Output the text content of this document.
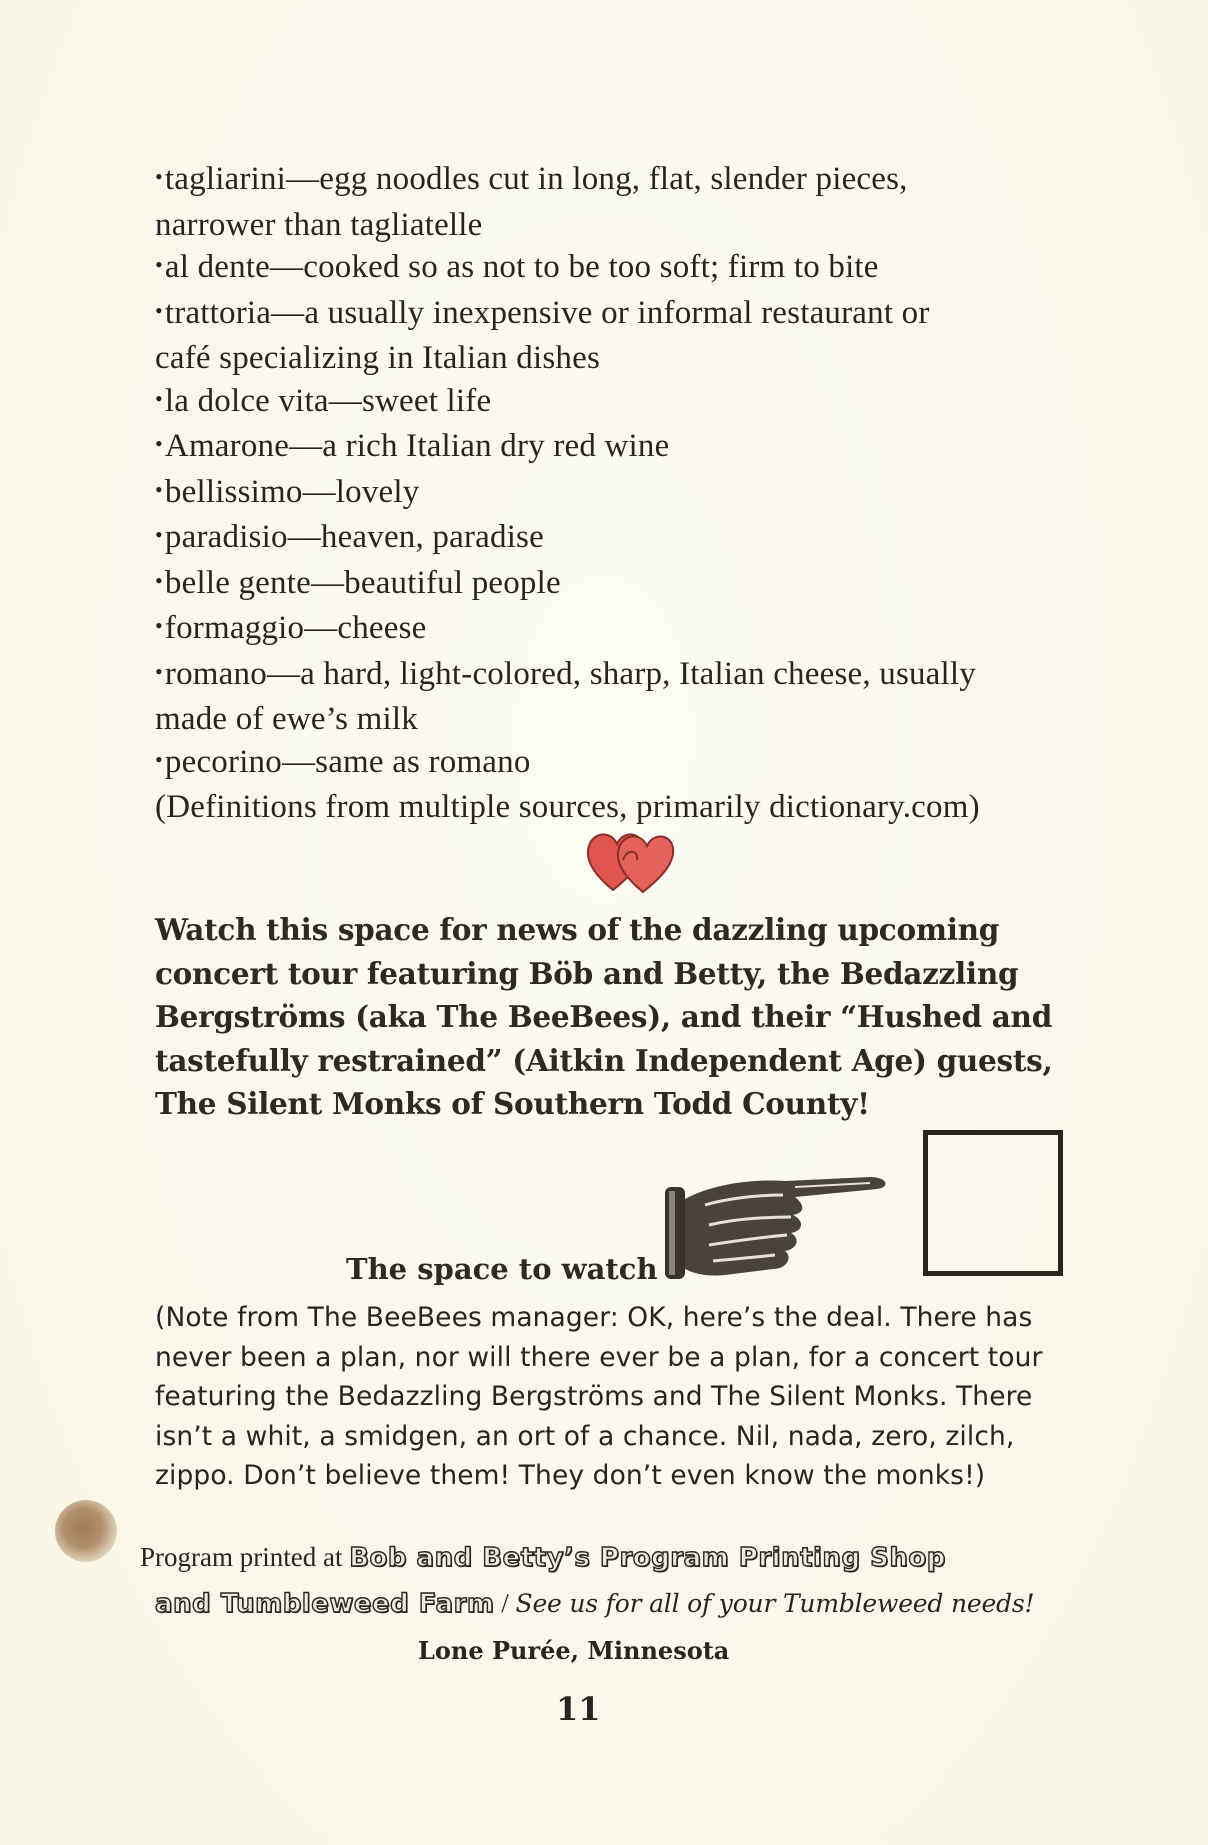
•tagliarini—egg noodles cut in long, flat, slender pieces,
narrower than tagliatelle
•al dente—cooked so as not to be too soft; firm to bite
•trattoria—a usually inexpensive or informal restaurant or
café specializing in Italian dishes
•la dolce vita—sweet life
•Amarone—a rich Italian dry red wine
•bellissimo—lovely
•paradisio—heaven, paradise
•belle gente—beautiful people
•formaggio—cheese
•romano—a hard, light-colored, sharp, Italian cheese, usually
made of ewe’s milk
•pecorino—same as romano
(Definitions from multiple sources, primarily dictionary.com)
Watch this space for news of the dazzling upcoming
concert tour featuring Böb and Betty, the Bedazzling
Bergströms (aka The BeeBees), and their “Hushed and
tastefully restrained” (Aitkin Independent Age) guests,
The Silent Monks of Southern Todd County!
The space to watch
(Note from The BeeBees manager: OK, here’s the deal. There has
never been a plan, nor will there ever be a plan, for a concert tour
featuring the Bedazzling Bergströms and The Silent Monks. There
isn’t a whit, a smidgen, an ort of a chance. Nil, nada, zero, zilch,
zippo. Don’t believe them! They don’t even know the monks!)
Program printed at Bob and Betty’s Program Printing Shop
and Tumbleweed Farm / See us for all of your Tumbleweed needs!
Lone Purée, Minnesota
11
